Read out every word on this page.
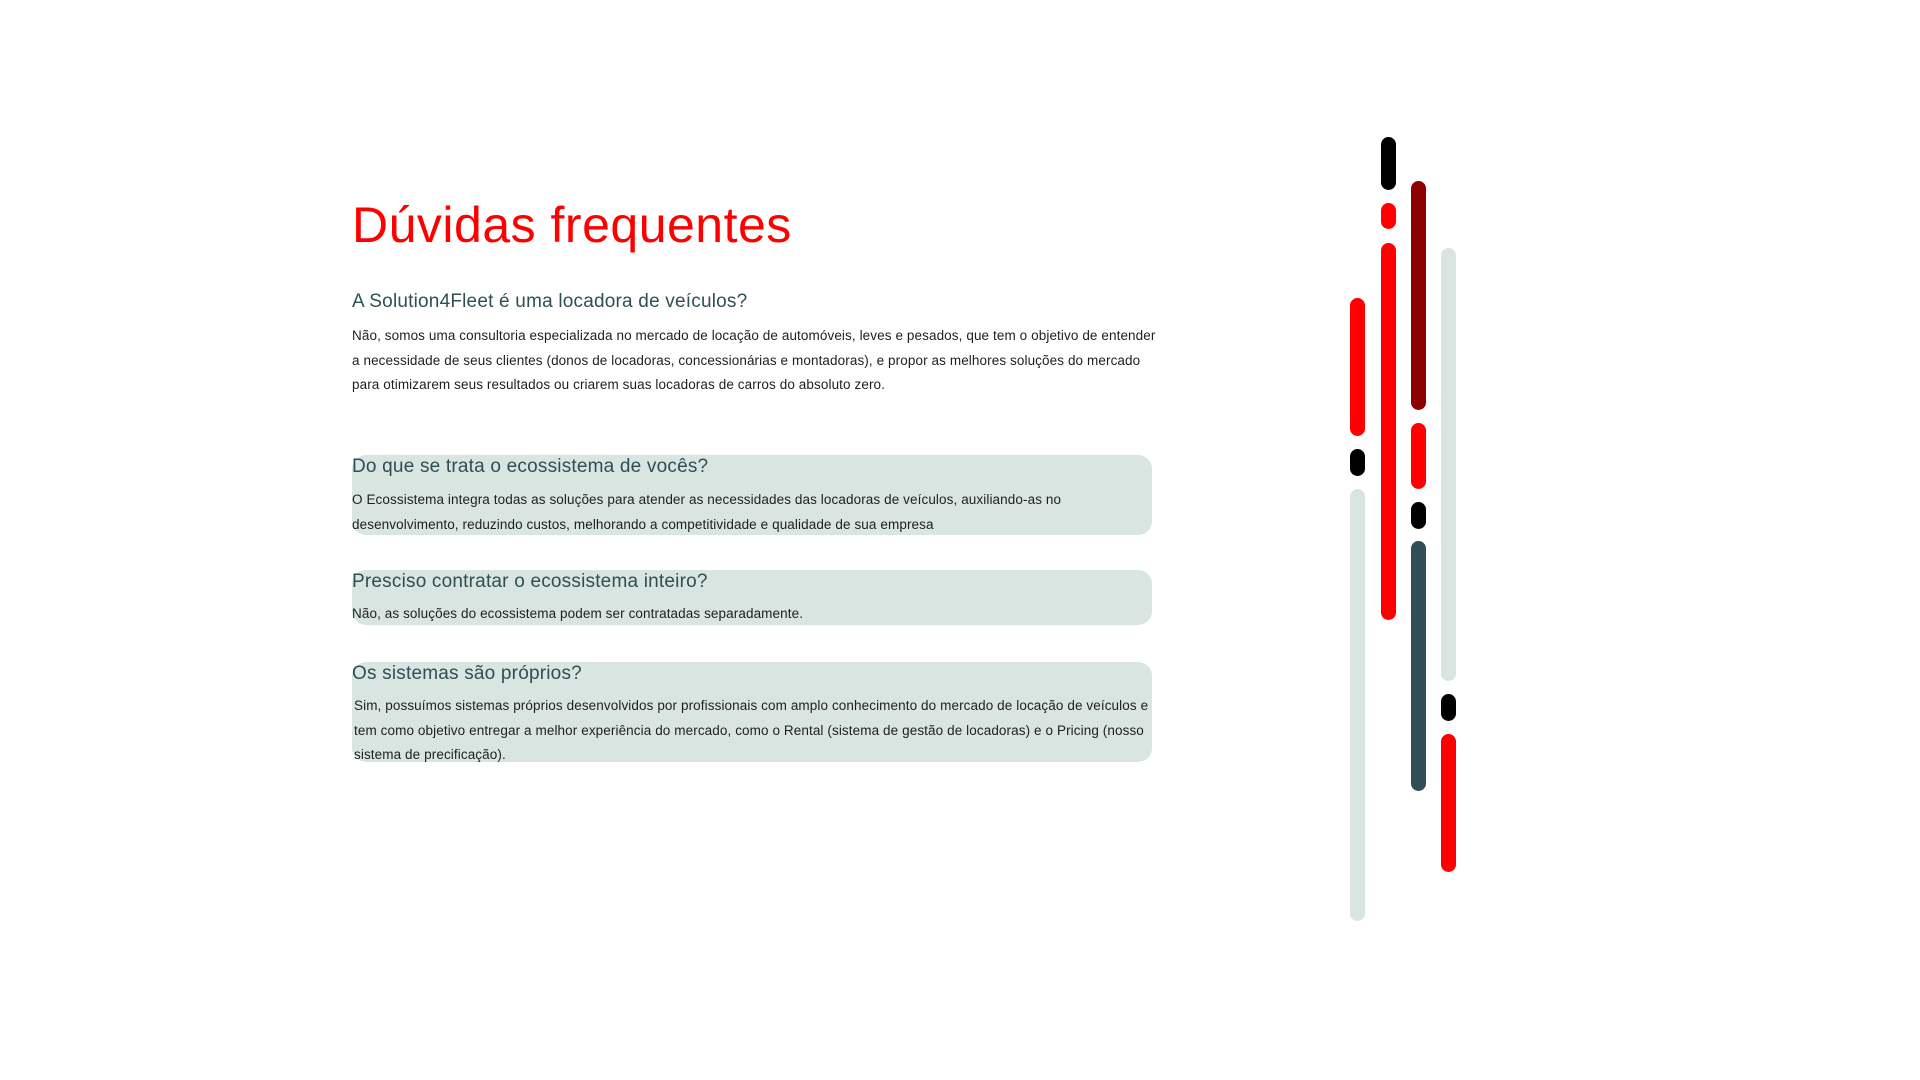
Dúvidas frequentes
A Solution4Fleet é uma locadora de veículos?

Não, somos uma consultoria especializada no mercado de locação de automóveis, leves e pesados, que tem o objetivo de entender a necessidade de seus clientes (donos de locadoras, concessionárias e montadoras), e propor as melhores soluções do mercado para otimizarem seus resultados ou criarem suas locadoras de carros do absoluto zero.

Do que se trata o ecossistema de vocês?

O Ecossistema integra todas as soluções para atender as necessidades das locadoras de veículos, auxiliando-as no desenvolvimento, reduzindo custos, melhorando a competitividade e qualidade de sua empresa

Presciso contratar o ecossistema inteiro?

Não, as soluções do ecossistema podem ser contratadas separadamente.

Os sistemas são próprios?

Sim, possuímos sistemas próprios desenvolvidos por profissionais com amplo conhecimento do mercado de locação de veículos e tem como objetivo entregar a melhor experiência do mercado, como o Rental (sistema de gestão de locadoras) e o Pricing (nosso sistema de precificação).
